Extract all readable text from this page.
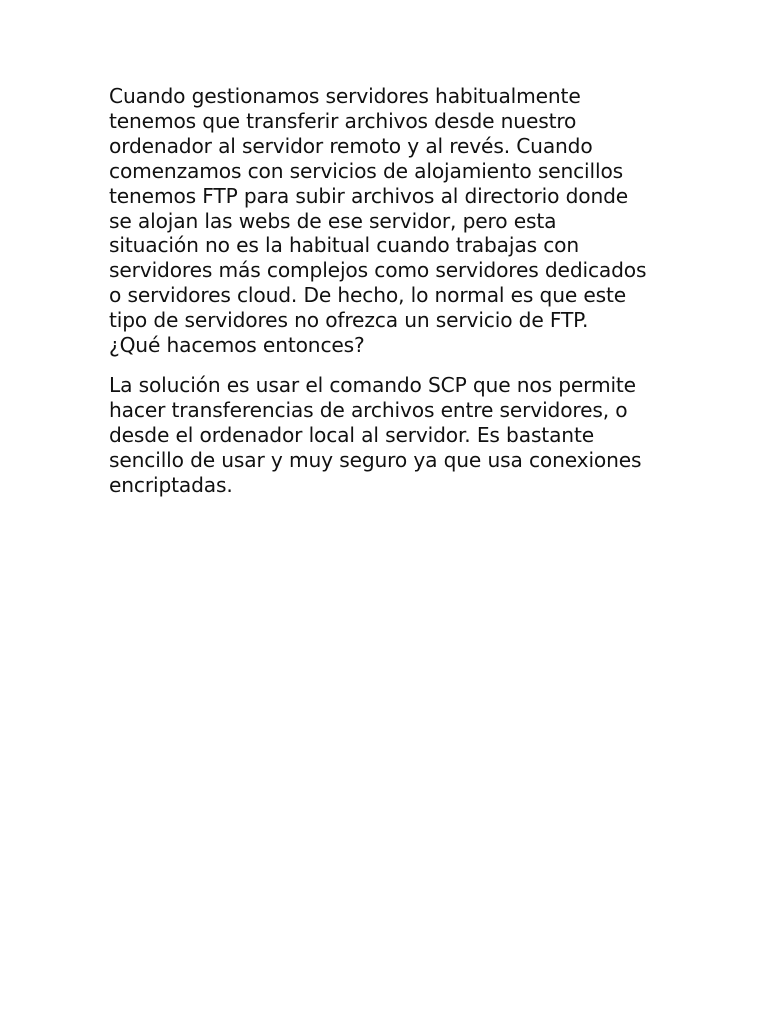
Cuando gestionamos servidores habitualmente
tenemos que transferir archivos desde nuestro
ordenador al servidor remoto y al revés. Cuando
comenzamos con servicios de alojamiento sencillos
tenemos FTP para subir archivos al directorio donde
se alojan las webs de ese servidor, pero esta
situación no es la habitual cuando trabajas con
servidores más complejos como servidores dedicados
o servidores cloud. De hecho, lo normal es que este
tipo de servidores no ofrezca un servicio de FTP.
¿Qué hacemos entonces?

La solución es usar el comando SCP que nos permite
hacer transferencias de archivos entre servidores, o
desde el ordenador local al servidor. Es bastante
sencillo de usar y muy seguro ya que usa conexiones
encriptadas.
